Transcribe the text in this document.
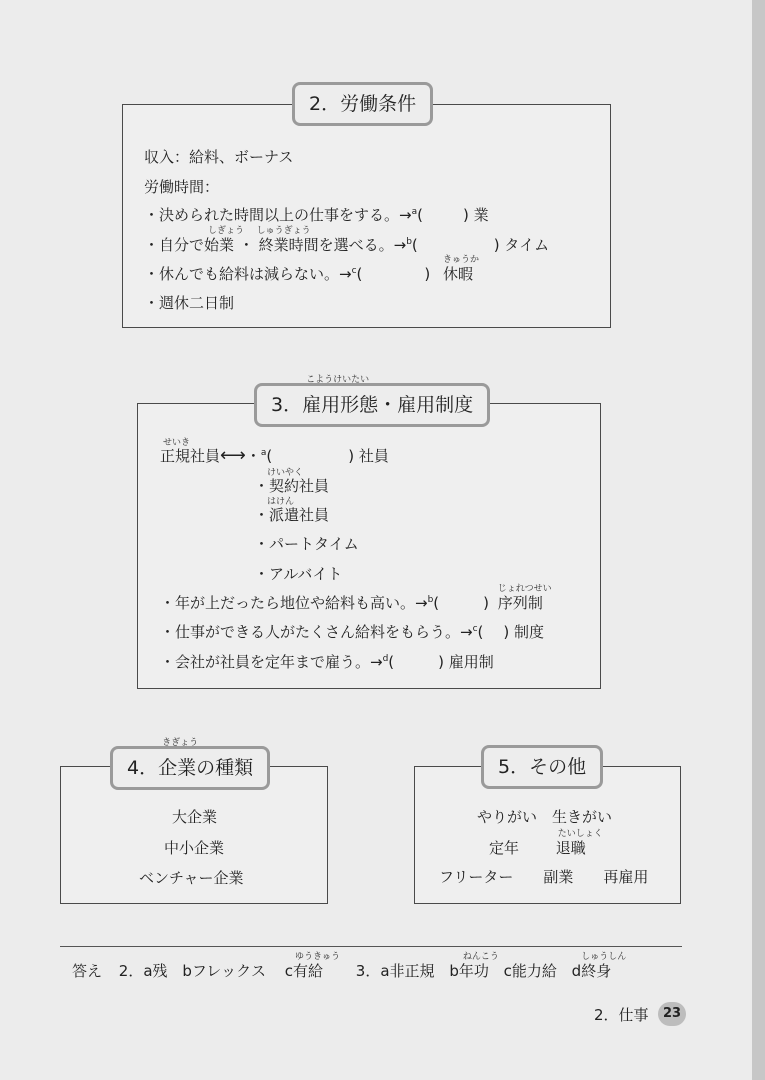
2．労働条件
収入：給料、ボーナス
労働時間：
・決められた時間以上の仕事をする。→$^a$(	) 業
・自分で
しぎょう
始業 ・
しゅうぎょう
終業時間を選べる。→$^b$(	) タイム
・休んでも給料は減らない。→$^c$(	)
きゅうか
休暇
・週休二日制
3．
こようけいたい
雇用形態・雇用制度
せいき
正規社員⟷・$^a$(	) 社員
けいやく
・契約社員
はけん
・派遣社員
・パートタイム
・アルバイト
・年が上だったら地位や給料も高い。→$^b$(	)
じょれつせい
序列制
・仕事ができる人がたくさん給料をもらう。→$^c$( ) 制度
・会社が社員を定年まで雇う。→$^d$(	) 雇用制
4．
きぎょう
企業の種類
大企業
中小企業
ベンチャー企業
5．その他
やりがい　生きがい
定年
たいしょく
退職
フリーター 副業 再雇用
答え 2．a残 bフレックス c
ゆうきゅう
有給 3．a非正規 b
ねんこう
年功 c能力給 d
しゅうしん
終身
2．仕事	23
